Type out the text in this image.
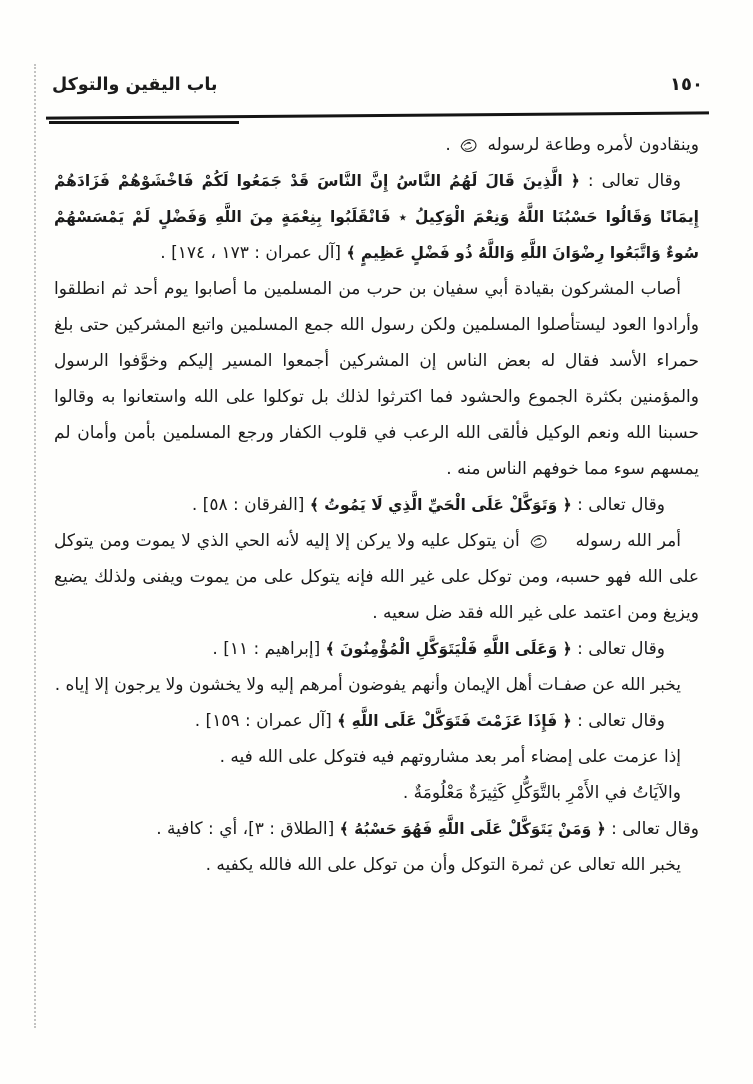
١٥٠
باب اليقين والتوكل

وينقادون لأمره وطاعة لرسوله  .

وقال تعالى : ﴿ الَّذِينَ قَالَ لَهُمُ النَّاسُ إِنَّ النَّاسَ قَدْ جَمَعُوا لَكُمْ فَاخْشَوْهُمْ فَزَادَهُمْ إِيمَانًا وَقَالُوا حَسْبُنَا اللَّهُ وَنِعْمَ الْوَكِيلُ ٭ فَانْقَلَبُوا بِنِعْمَةٍ مِنَ اللَّهِ وَفَضْلٍ لَمْ يَمْسَسْهُمْ سُوءٌ وَاتَّبَعُوا رِضْوَانَ اللَّهِ وَاللَّهُ ذُو فَضْلٍ عَظِيمٍ ﴾ [آل عمران : ١٧٣ ، ١٧٤] .

أصاب المشركون بقيادة أبي سفيان بن حرب من المسلمين ما أصابوا يوم أحد ثم انطلقوا وأرادوا العود ليستأصلوا المسلمين ولكن رسول الله جمع المسلمين واتبع المشركين حتى بلغ حمراء الأسد فقال له بعض الناس إن المشركين أجمعوا المسير إليكم وخوَّفوا الرسول والمؤمنين بكثرة الجموع والحشود فما اكترثوا لذلك بل توكلوا على الله واستعانوا به وقالوا حسبنا الله ونعم الوكيل فألقى الله الرعب في قلوب الكفار ورجع المسلمين بأمن وأمان لم يمسهم سوء مما خوفهم الناس منه .

وقال تعالى : ﴿ وَتَوَكَّلْ عَلَى الْحَيِّ الَّذِي لَا يَمُوتُ ﴾ [الفرقان : ٥٨] .

أمر الله رسوله  أن يتوكل عليه ولا يركن إلا إليه لأنه الحي الذي لا يموت ومن يتوكل على الله فهو حسبه، ومن توكل على غير الله فإنه يتوكل على من يموت ويفنى ولذلك يضيع ويزيغ ومن اعتمد على غير الله فقد ضل سعيه .

وقال تعالى : ﴿ وَعَلَى اللَّهِ فَلْيَتَوَكَّلِ الْمُؤْمِنُونَ ﴾ [إبراهيم : ١١] .

يخبر الله عن صفـات أهل الإيمان وأنهم يفوضون أمرهم إليه ولا يخشون ولا يرجون إلا إياه .

وقال تعالى : ﴿ فَإِذَا عَزَمْتَ فَتَوَكَّلْ عَلَى اللَّهِ ﴾ [آل عمران : ١٥٩] .

إذا عزمت على إمضاء أمر بعد مشاروتهم فيه فتوكل على الله فيه .

والآيَاتُ في الأَمْرِ بالتَّوَكُّلِ كَثِيرَةٌ مَعْلُومَةٌ .

وقال تعالى : ﴿ وَمَنْ يَتَوَكَّلْ عَلَى اللَّهِ فَهُوَ حَسْبُهُ ﴾ [الطلاق : ٣]، أي : كافية .

يخبر الله تعالى عن ثمرة التوكل وأن من توكل على الله فالله يكفيه .
